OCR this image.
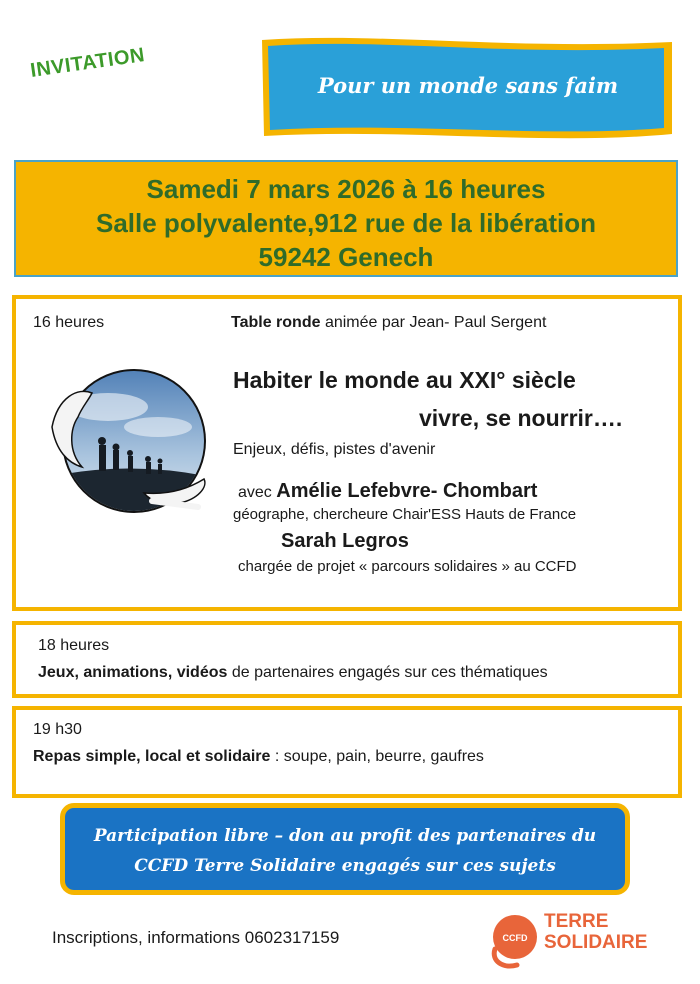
INVITATION
Pour un monde sans faim
Samedi 7 mars 2026 à 16 heures
Salle polyvalente,912 rue de la libération
59242 Genech
16 heures	Table ronde animée par Jean- Paul Sergent
Habiter le monde au XXI° siècle
vivre, se nourrir….
Enjeux, défis, pistes d'avenir
avec Amélie Lefebvre- Chombart
géographe, chercheure Chair'ESS Hauts de France
Sarah Legros
chargée de projet « parcours solidaires » au CCFD
18 heures
Jeux, animations, vidéos de partenaires engagés sur ces thématiques
19 h30
Repas simple, local et solidaire : soupe, pain, beurre, gaufres
Participation libre – don au profit des partenaires du
CCFD Terre Solidaire engagés sur ces sujets
Inscriptions, informations 0602317159	CCFD
TERRE
SOLIDAIRE
